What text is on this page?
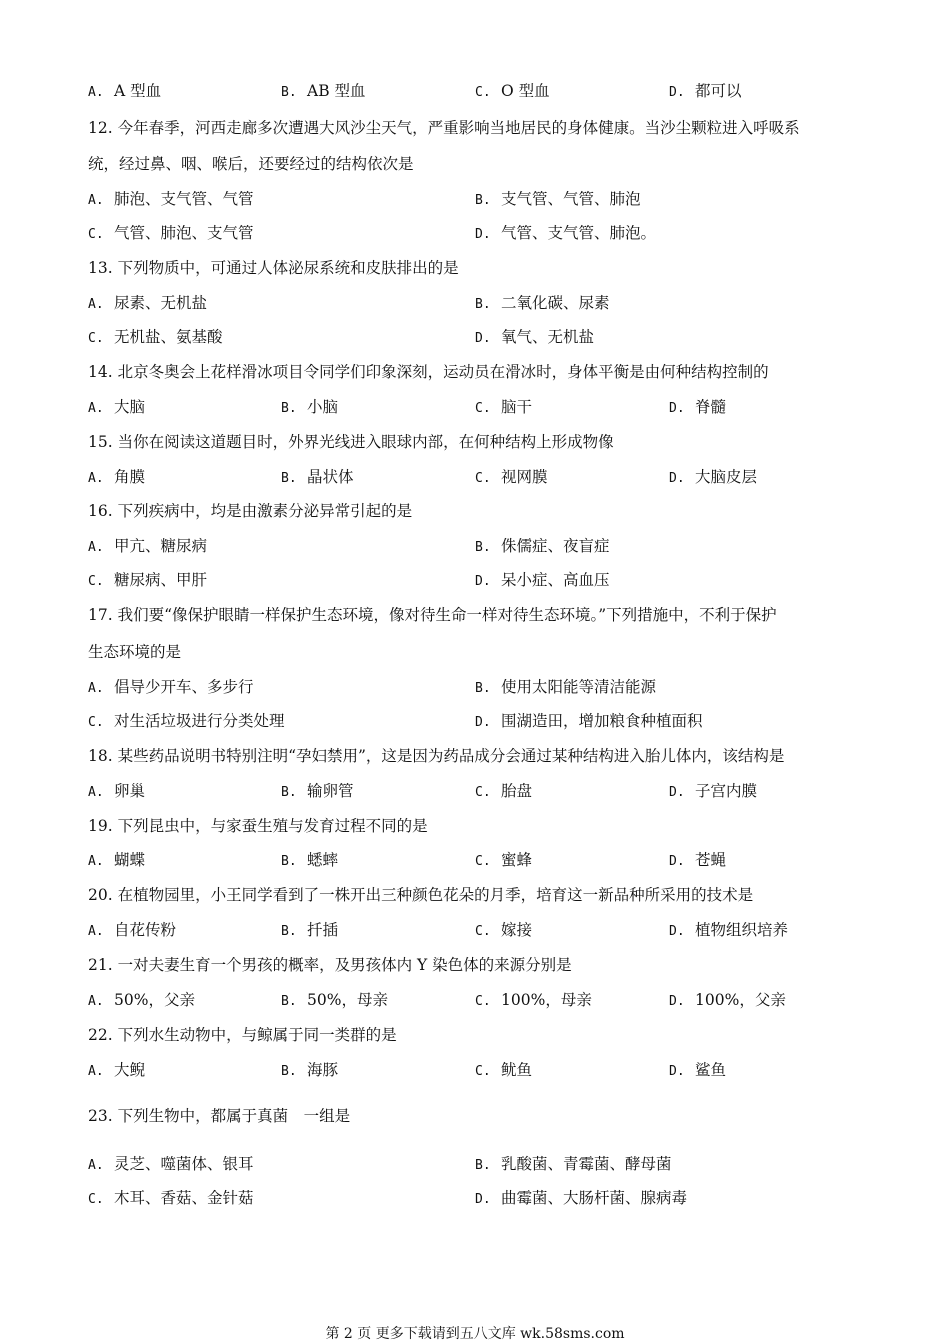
A. A 型血	B. AB 型血	C. O 型血	D. 都可以
12. 今年春季，河西走廊多次遭遇大风沙尘天气，严重影响当地居民的身体健康。当沙尘颗粒进入呼吸系
统，经过鼻、咽、喉后，还要经过的结构依次是
A. 肺泡、支气管、气管	B. 支气管、气管、肺泡
C. 气管、肺泡、支气管	D. 气管、支气管、肺泡。
13. 下列物质中，可通过人体泌尿系统和皮肤排出的是
A. 尿素、无机盐	B. 二氧化碳、尿素
C. 无机盐、氨基酸	D. 氧气、无机盐
14. 北京冬奥会上花样滑冰项目令同学们印象深刻，运动员在滑冰时，身体平衡是由何种结构控制的
A. 大脑	B. 小脑	C. 脑干	D. 脊髓
15. 当你在阅读这道题目时，外界光线进入眼球内部，在何种结构上形成物像
A. 角膜	B. 晶状体	C. 视网膜	D. 大脑皮层
16. 下列疾病中，均是由激素分泌异常引起的是
A. 甲亢、糖尿病	B. 侏儒症、夜盲症
C. 糖尿病、甲肝	D. 呆小症、高血压
17. 我们要“像保护眼睛一样保护生态环境，像对待生命一样对待生态环境。”下列措施中，不利于保护
生态环境的是
A. 倡导少开车、多步行	B. 使用太阳能等清洁能源
C. 对生活垃圾进行分类处理	D. 围湖造田，增加粮食种植面积
18. 某些药品说明书特别注明“孕妇禁用”，这是因为药品成分会通过某种结构进入胎儿体内，该结构是
A. 卵巢	B. 输卵管	C. 胎盘	D. 子宫内膜
19. 下列昆虫中，与家蚕生殖与发育过程不同的是
A. 蝴蝶	B. 蟋蟀	C. 蜜蜂	D. 苍蝇
20. 在植物园里，小王同学看到了一株开出三种颜色花朵的月季，培育这一新品种所采用的技术是
A. 自花传粉	B. 扦插	C. 嫁接	D. 植物组织培养
21. 一对夫妻生育一个男孩的概率，及男孩体内 Y 染色体的来源分别是
A. 50%，父亲	B. 50%，母亲	C. 100%，母亲	D. 100%，父亲
22. 下列水生动物中，与鲸属于同一类群的是
A. 大鲵	B. 海豚	C. 鱿鱼	D. 鲨鱼
23. 下列生物中，都属于真菌　一组是
A. 灵芝、噬菌体、银耳	B. 乳酸菌、青霉菌、酵母菌
C. 木耳、香菇、金针菇	D. 曲霉菌、大肠杆菌、腺病毒
第 2 页 更多下载请到五八文库 wk.58sms.com
